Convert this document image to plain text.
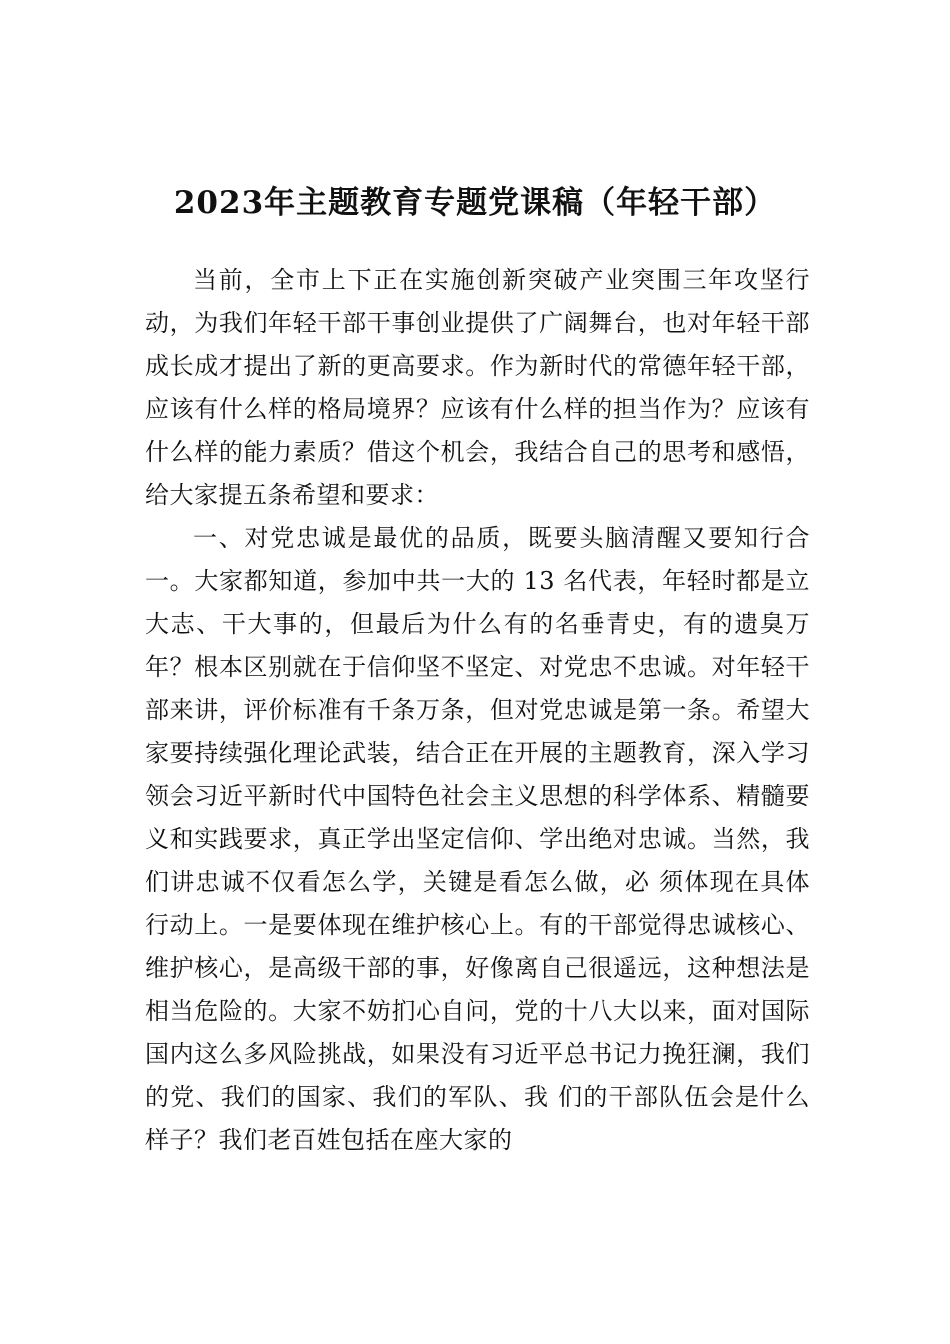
2023年主题教育专题党课稿（年轻干部）

当前，全市上下正在实施创新突破产业突围三年攻坚行动，为我们年轻干部干事创业提供了广阔舞台，也对年轻干部成长成才提出了新的更高要求。作为新时代的常德年轻干部，应该有什么样的格局境界？应该有什么样的担当作为？应该有什么样的能力素质？借这个机会，我结合自己的思考和感悟，给大家提五条希望和要求：

一、对党忠诚是最优的品质，既要头脑清醒又要知行合一。大家都知道，参加中共一大的 13 名代表，年轻时都是立大志、干大事的，但最后为什么有的名垂青史，有的遗臭万年？根本区别就在于信仰坚不坚定、对党忠不忠诚。对年轻干部来讲，评价标准有千条万条，但对党忠诚是第一条。希望大家要持续强化理论武装，结合正在开展的主题教育，深入学习领会习近平新时代中国特色社会主义思想的科学体系、精髓要义和实践要求，真正学出坚定信仰、学出绝对忠诚。当然，我们讲忠诚不仅看怎么学，关键是看怎么做，必 须体现在具体行动上。一是要体现在维护核心上。有的干部觉得忠诚核心、维护核心，是高级干部的事，好像离自己很遥远，这种想法是相当危险的。大家不妨扪心自问，党的十八大以来，面对国际国内这么多风险挑战，如果没有习近平总书记力挽狂澜，我们的党、我们的国家、我们的军队、我 们的干部队伍会是什么样子？我们老百姓包括在座大家的
